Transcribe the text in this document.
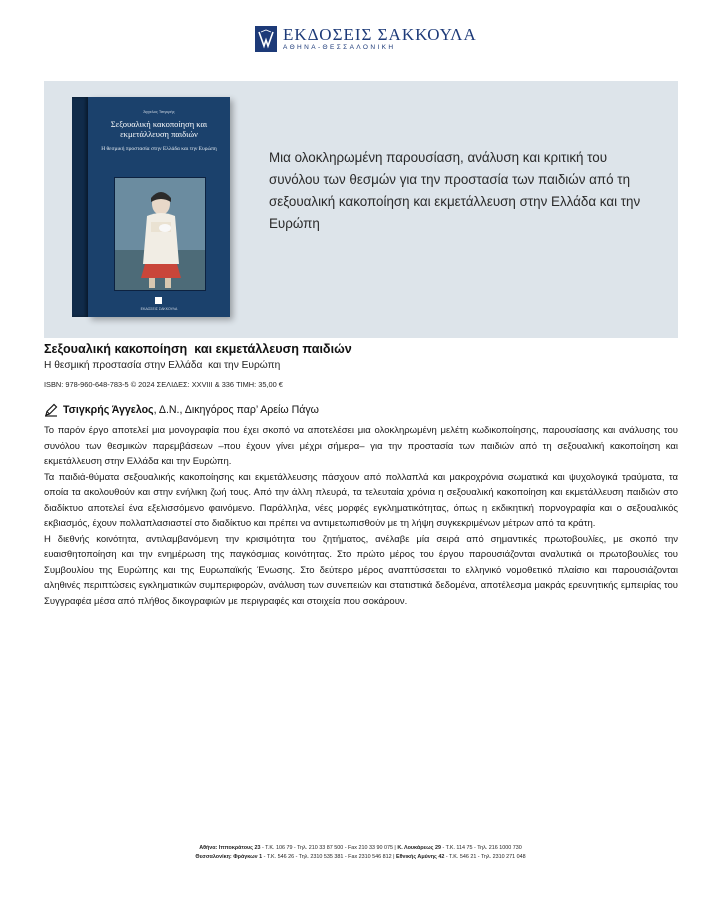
ΕΚΔΟΣΕΙΣ ΣΑΚΚΟΥΛΑ
ΑΘΗΝΑ-ΘΕΣΣΑΛΟΝΙΚΗ
Άγγελος Τσιγκρής
Σεξουαλική κακοποίηση και εκμετάλλευση παιδιών
Η θεσμική προστασία στην Ελλάδα και την Ευρώπη
ΕΚΔΟΣΕΙΣ ΣΑΚΚΟΥΛΑ
Μια ολοκληρωμένη παρουσίαση, ανάλυση και κριτική του συνόλου των θεσμών για την προστασία των παιδιών από τη σεξουαλική κακοποίηση και εκμετάλλευση στην Ελλάδα και την Ευρώπη
Σεξουαλική κακοποίηση  και εκμετάλλευση παιδιών
Η θεσμική προστασία στην Ελλάδα  και την Ευρώπη
ISBN: 978-960-648-783-5 © 2024 ΣΕΛΙΔΕΣ: XXVIII & 336 ΤΙΜΗ: 35,00 €
Τσιγκρής Άγγελος , Δ.Ν., Δικηγόρος παρ’ Αρείω Πάγω

Το παρόν έργο αποτελεί μια μονογραφία που έχει σκοπό να αποτελέσει μια ολοκληρωμένη μελέτη κωδικοποίησης, παρουσίασης και ανάλυσης του συνόλου των θεσμικών παρεμβάσεων –που έχουν γίνει μέχρι σήμερα– για την προστασία των παιδιών από τη σεξουαλική κακοποίηση και εκμετάλλευση στην Ελλάδα και την Ευρώπη.

Τα παιδιά-θύματα σεξουαλικής κακοποίησης και εκμετάλλευσης πάσχουν από πολλαπλά και μακροχρόνια σωματικά και ψυχολογικά τραύματα, τα οποία τα ακολουθούν και στην ενήλικη ζωή τους. Από την άλλη πλευρά, τα τελευταία χρόνια η σεξουαλική κακοποίηση και εκμετάλλευση παιδιών στο διαδίκτυο αποτελεί ένα εξελισσόμενο φαινόμενο. Παράλληλα, νέες μορφές εγκληματικότητας, όπως η εκδικητική πορνογραφία και ο σεξουαλικός εκβιασμός, έχουν πολλαπλασιαστεί στο διαδίκτυο και πρέπει να αντιμετωπισθούν με τη λήψη συγκεκριμένων μέτρων από τα κράτη.

Η διεθνής κοινότητα, αντιλαμβανόμενη την κρισιμότητα του ζητήματος, ανέλαβε μία σειρά από σημαντικές πρωτοβουλίες, με σκοπό την ευαισθητοποίηση και την ενημέρωση της παγκόσμιας κοινότητας. Στο πρώτο μέρος του έργου παρουσιάζονται αναλυτικά οι πρωτοβουλίες του Συμβουλίου της Ευρώπης και της Ευρωπαϊκής Ένωσης. Στο δεύτερο μέρος αναπτύσσεται το ελληνικό νομοθετικό πλαίσιο και παρουσιάζονται αληθινές περιπτώσεις εγκληματικών συμπεριφορών, ανάλυση των συνεπειών και στατιστικά δεδομένα, αποτέλεσμα μακράς ερευνητικής εμπειρίας του Συγγραφέα μέσα από πλήθος δικογραφιών με περιγραφές και στοιχεία που σοκάρουν.

Αθήνα: Ιπποκράτους 23 - Τ.Κ. 106 79 - Τηλ. 210 33 87 500 - Fax 210 33 90 075 | Κ. Λουκάρεως 29 - Τ.Κ. 114 75 - Τηλ. 216 1000 730
Θεσσαλονίκη: Φράγκων 1 - Τ.Κ. 546 26 - Τηλ. 2310 535 381 - Fax 2310 546 812 | Εθνικής Αμύνης 42 - Τ.Κ. 546 21 - Τηλ. 2310 271 048
